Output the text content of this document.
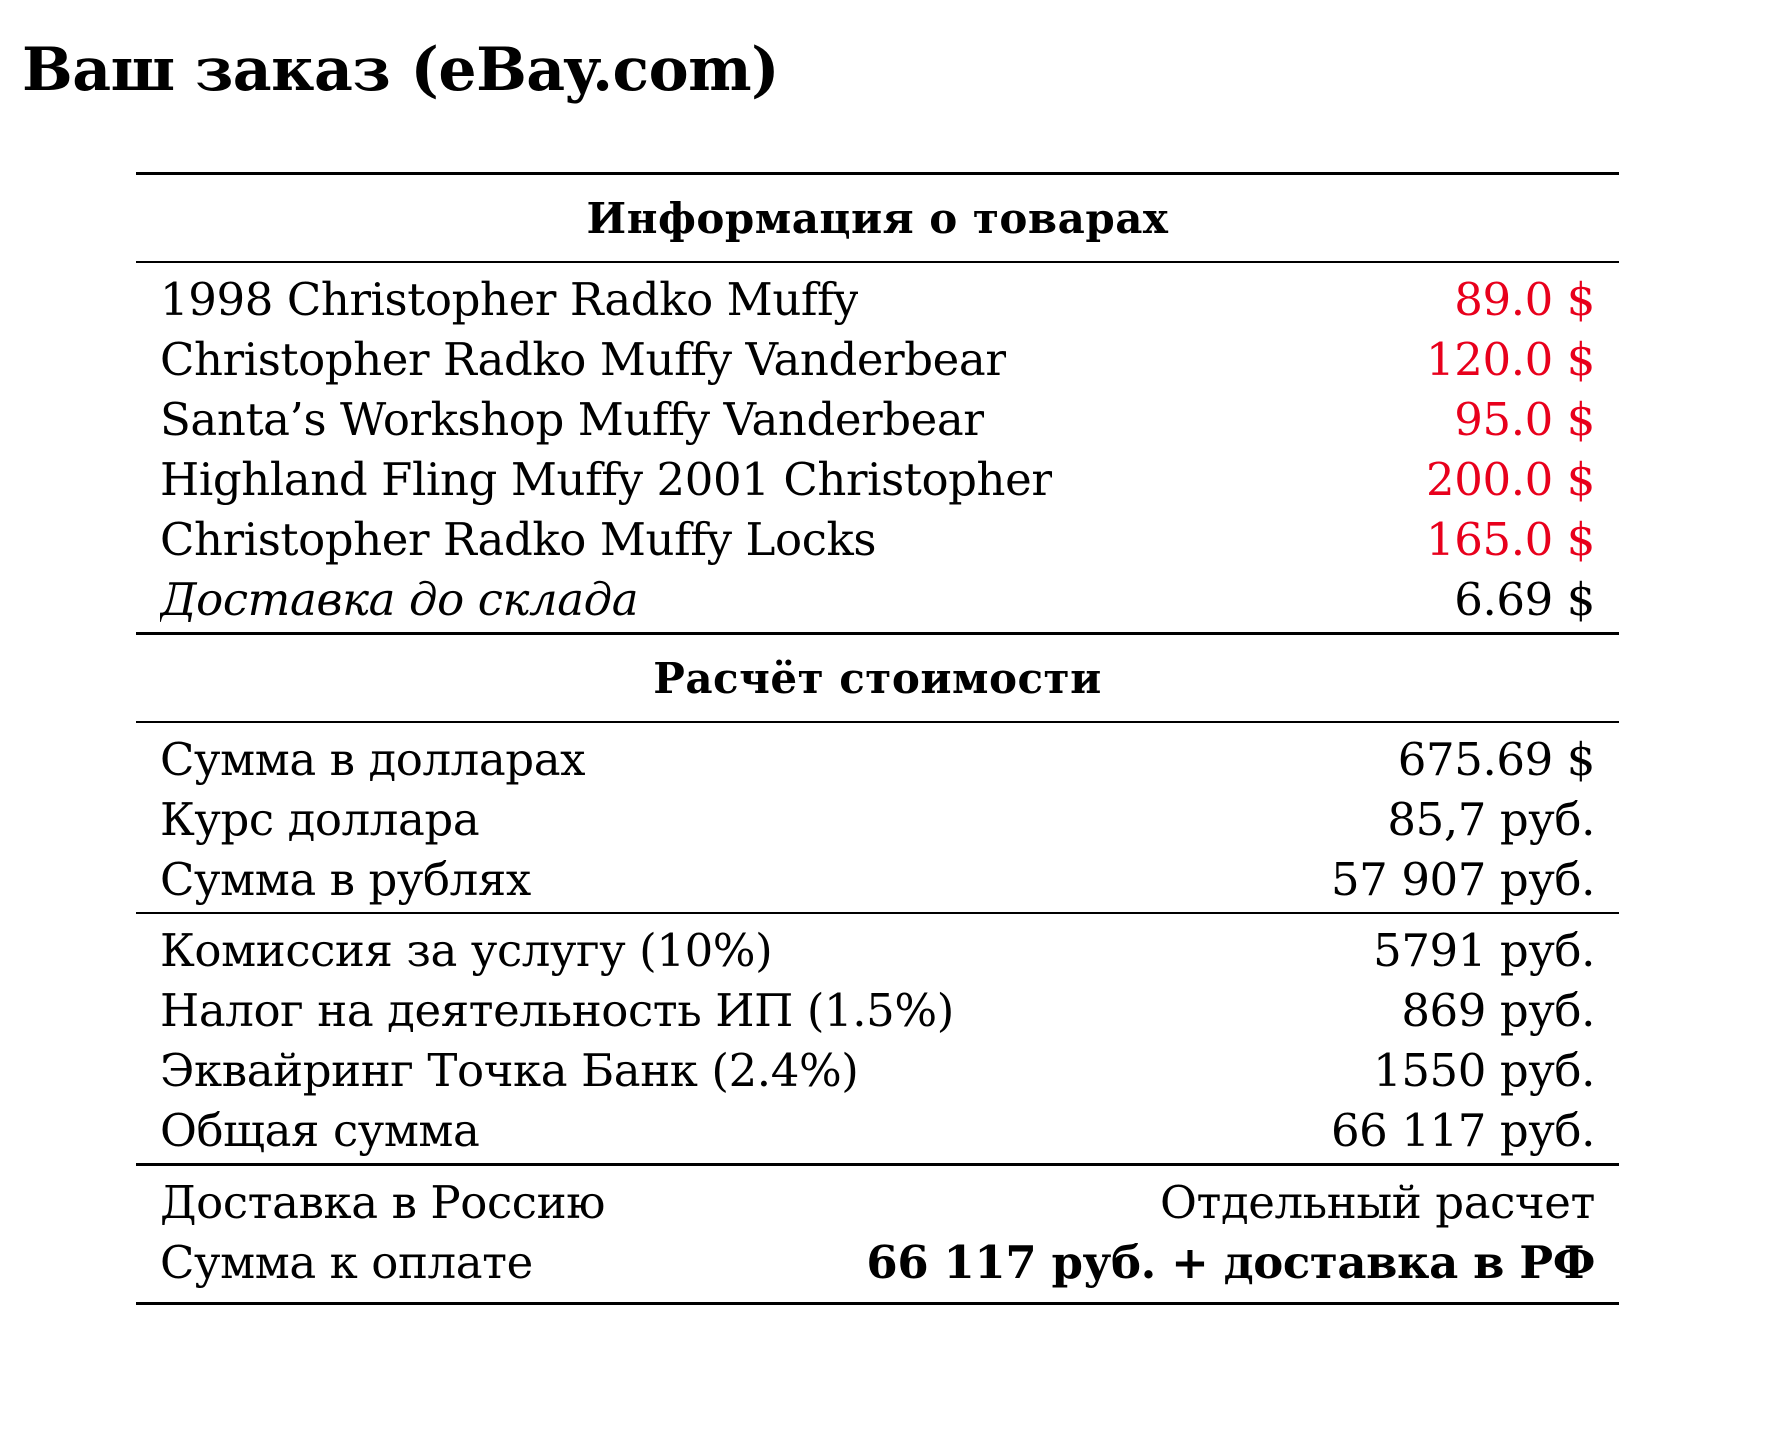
Ваш заказ (eBay.com)
Информация о товарах
1998 Christopher Radko Muffy	89.0 $
Christopher Radko Muffy Vanderbear	120.0 $
Santa’s Workshop Muffy Vanderbear	95.0 $
Highland Fling Muffy 2001 Christopher	200.0 $
Christopher Radko Muffy Locks	165.0 $
Доставка до склада	6.69 $
Расчёт стоимости
Сумма в долларах	675.69 $
Курс доллара	85,7 руб.
Сумма в рублях	57 907 руб.
Комиссия за услугу (10%)	5791 руб.
Налог на деятельность ИП (1.5%)	869 руб.
Эквайринг Точка Банк (2.4%)	1550 руб.
Общая сумма	66 117 руб.
Доставка в Россию	Отдельный расчет
Сумма к оплате	66 117 руб. + доставка в РФ
